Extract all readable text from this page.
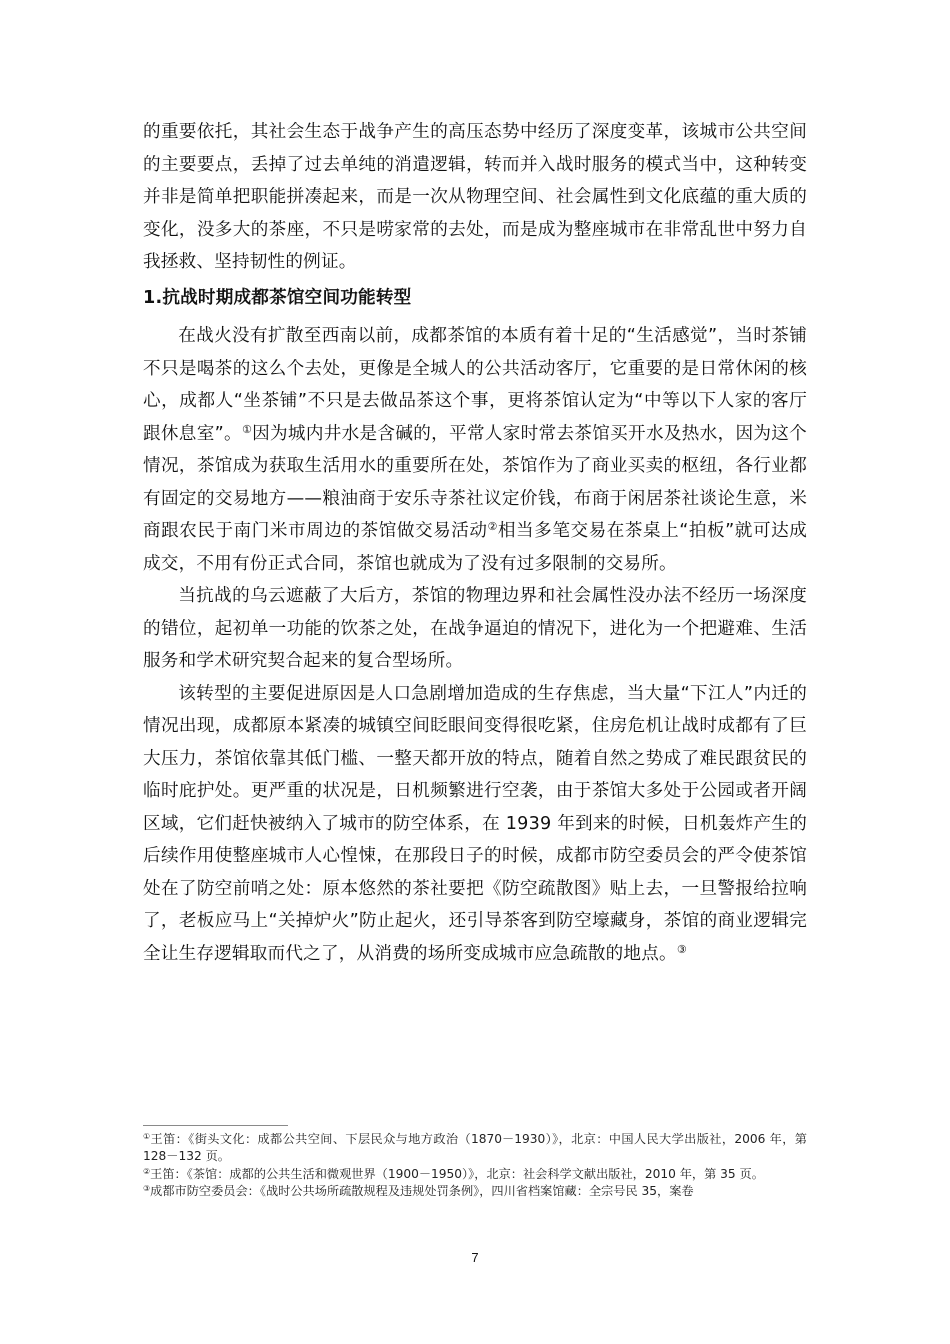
的重要依托，其社会生态于战争产生的高压态势中经历了深度变革，该城市公共空间的主要要点，丢掉了过去单纯的消遣逻辑，转而并入战时服务的模式当中，这种转变并非是简单把职能拼凑起来，而是一次从物理空间、社会属性到文化底蕴的重大质的变化，没多大的茶座，不只是唠家常的去处，而是成为整座城市在非常乱世中努力自我拯救、坚持韧性的例证。

1.抗战时期成都茶馆空间功能转型

在战火没有扩散至西南以前，成都茶馆的本质有着十足的“生活感觉”，当时茶铺不只是喝茶的这么个去处，更像是全城人的公共活动客厅，它重要的是日常休闲的核心，成都人“坐茶铺”不只是去做品茶这个事，更将茶馆认定为“中等以下人家的客厅跟休息室”。①因为城内井水是含碱的，平常人家时常去茶馆买开水及热水，因为这个情况，茶馆成为获取生活用水的重要所在处，茶馆作为了商业买卖的枢纽，各行业都有固定的交易地方——粮油商于安乐寺茶社议定价钱，布商于闲居茶社谈论生意，米商跟农民于南门米市周边的茶馆做交易活动②相当多笔交易在茶桌上“拍板”就可达成成交，不用有份正式合同，茶馆也就成为了没有过多限制的交易所。

当抗战的乌云遮蔽了大后方，茶馆的物理边界和社会属性没办法不经历一场深度的错位，起初单一功能的饮茶之处，在战争逼迫的情况下，进化为一个把避难、生活服务和学术研究契合起来的复合型场所。

该转型的主要促进原因是人口急剧增加造成的生存焦虑，当大量“下江人”内迁的情况出现，成都原本紧凑的城镇空间眨眼间变得很吃紧，住房危机让战时成都有了巨大压力，茶馆依靠其低门槛、一整天都开放的特点，随着自然之势成了难民跟贫民的临时庇护处。更严重的状况是，日机频繁进行空袭，由于茶馆大多处于公园或者开阔区域，它们赶快被纳入了城市的防空体系，在 1939 年到来的时候，日机轰炸产生的后续作用使整座城市人心惶悚，在那段日子的时候，成都市防空委员会的严令使茶馆处在了防空前哨之处：原本悠然的茶社要把《防空疏散图》贴上去，一旦警报给拉响了，老板应马上“关掉炉火”防止起火，还引导茶客到防空壕藏身，茶馆的商业逻辑完全让生存逻辑取而代之了，从消费的场所变成城市应急疏散的地点。③

①王笛：《街头文化：成都公共空间、下层民众与地方政治（1870－1930）》，北京：中国人民大学出版社，2006 年，第 128－132 页。

②王笛：《茶馆：成都的公共生活和微观世界（1900－1950）》，北京：社会科学文献出版社，2010 年，第 35 页。

③成都市防空委员会：《战时公共场所疏散规程及违规处罚条例》，四川省档案馆藏：全宗号民 35，案卷

7
